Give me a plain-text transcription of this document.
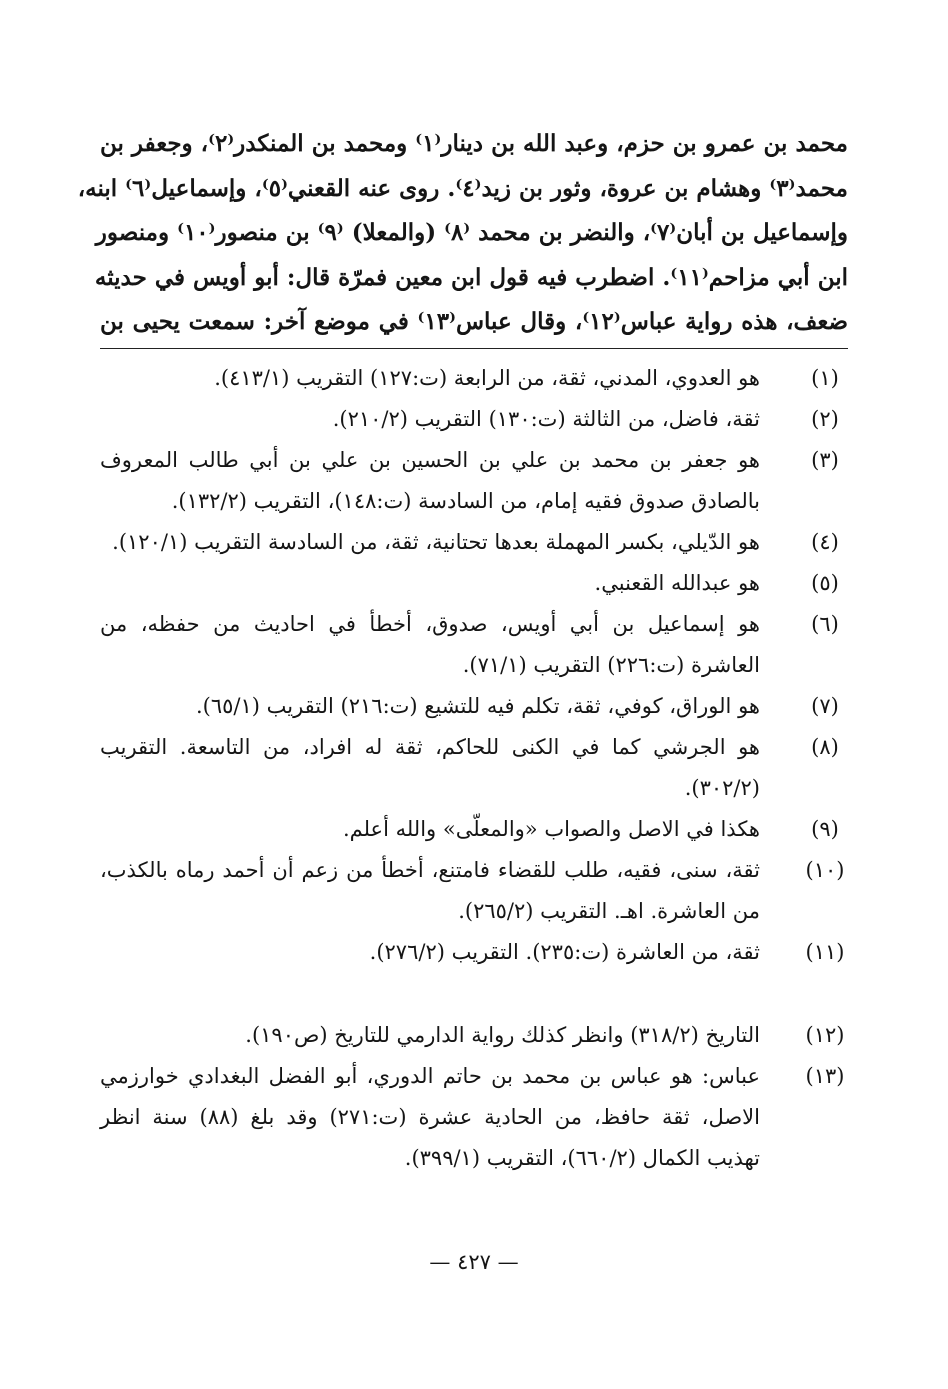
محمد بن عمرو بن حزم، وعبد الله بن دينار⁽١⁾ ومحمد بن المنكدر⁽٢⁾، وجعفر بن
محمد⁽٣⁾ وهشام بن عروة، وثور بن زيد⁽٤⁾. روى عنه القعني⁽٥⁾، وإسماعيل⁽٦⁾ ابنه،
وإسماعيل بن أبان⁽٧⁾، والنضر بن محمد ⁽٨⁾ (والمعلا) ⁽٩⁾ بن منصور⁽١٠⁾ ومنصور
ابن أبي مزاحم⁽١١⁾. اضطرب فيه قول ابن معين فمرّة قال: أبو أويس في حديثه
ضعف، هذه رواية عباس⁽١٢⁾، وقال عباس⁽١٣⁾ في موضع آخر: سمعت يحيى بن
(١)
هو العدوي، المدني، ثقة، من الرابعة (ت:١٢٧) التقريب (٤١٣/١).
(٢)
ثقة، فاضل، من الثالثة (ت:١٣٠) التقريب (٢١٠/٢).
(٣)
هو جعفر بن محمد بن علي بن الحسين بن علي بن أبي طالب المعروف بالصادق صدوق فقيه إمام، من السادسة (ت:١٤٨)، التقريب (١٣٢/٢).
(٤)
هو الدّيلي، بكسر المهملة بعدها تحتانية، ثقة، من السادسة التقريب (١٢٠/١).
(٥)
هو عبدالله القعنبي.
(٦)
هو إسماعيل بن أبي أويس، صدوق، أخطأ في احاديث من حفظه، من العاشرة (ت:٢٢٦) التقريب (٧١/١).
(٧)
هو الوراق، كوفي، ثقة، تكلم فيه للتشيع (ت:٢١٦) التقريب (٦٥/١).
(٨)
هو الجرشي كما في الكنى للحاكم، ثقة له افراد، من التاسعة. التقريب (٣٠٢/٢).
(٩)
هكذا في الاصل والصواب «والمعلّى» والله أعلم.
(١٠)
ثقة، سنى، فقيه، طلب للقضاء فامتنع، أخطأ من زعم أن أحمد رماه بالكذب، من العاشرة. اهـ. التقريب (٢٦٥/٢).
(١١)
ثقة، من العاشرة (ت:٢٣٥). التقريب (٢٧٦/٢).
(١٢)
التاريخ (٣١٨/٢) وانظر كذلك رواية الدارمي للتاريخ (ص١٩٠).
(١٣)
عباس: هو عباس بن محمد بن حاتم الدوري، أبو الفضل البغدادي خوارزمي الاصل، ثقة حافظ، من الحادية عشرة (ت:٢٧١) وقد بلغ (٨٨) سنة انظر تهذيب الكمال (٦٦٠/٢)، التقريب (٣٩٩/١).
— ٤٢٧ —
